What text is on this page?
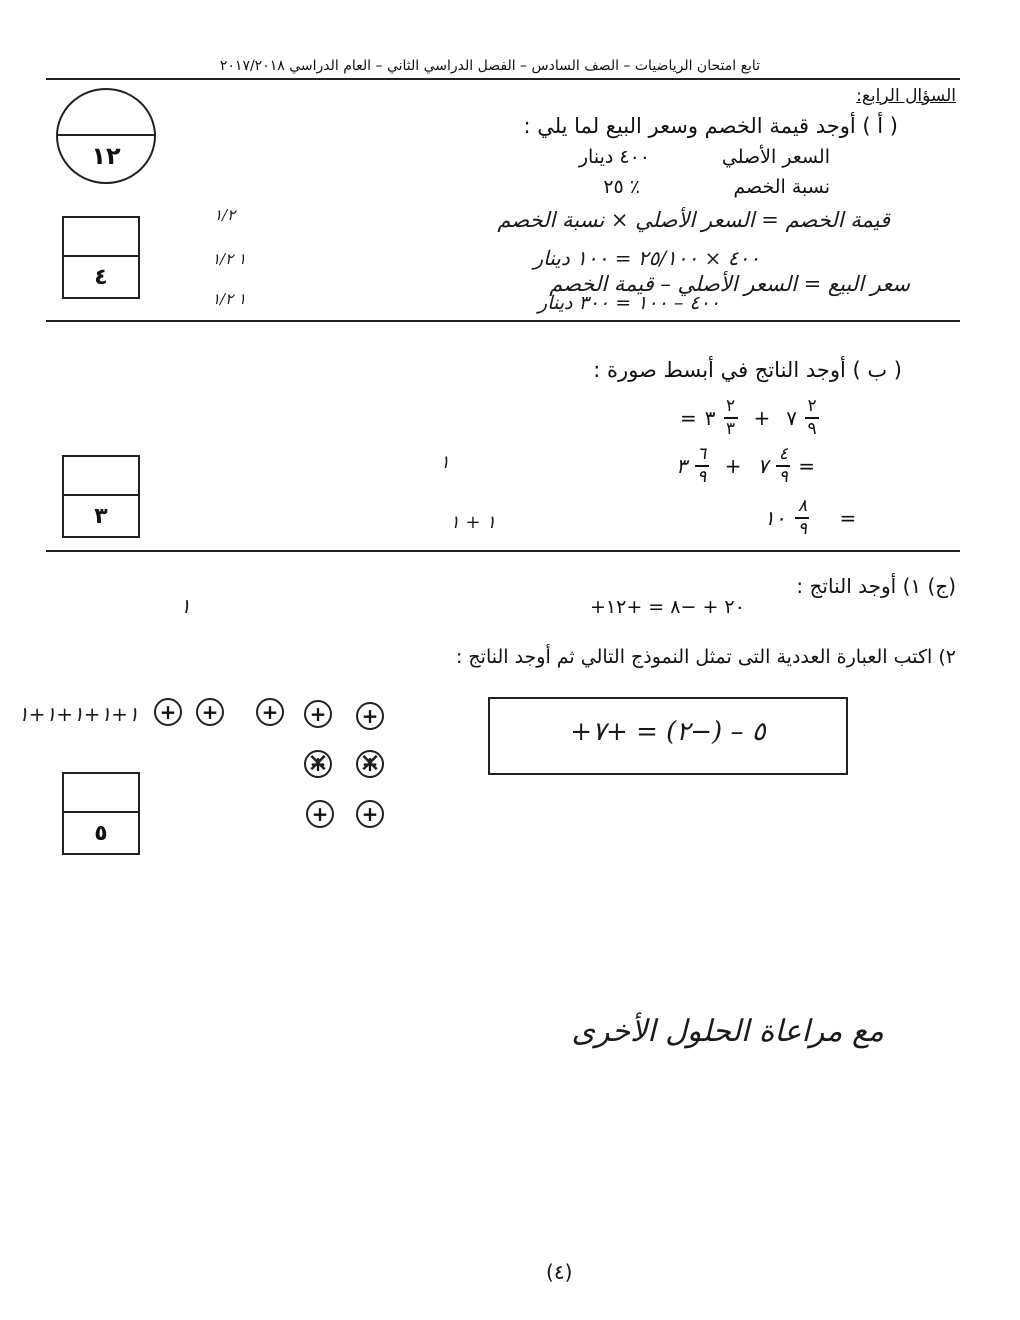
تابع امتحان الرياضيات – الصف السادس – الفصل الدراسي الثاني – العام الدراسي ٢٠١٧/٢٠١٨
السؤال الرابع:
١٢
( أ ) أوجد قيمة الخصم وسعر البيع لما يلي :
السعر الأصلي
٤٠٠ دينار
نسبة الخصم
٢٥ ٪
قيمة الخصم = السعر الأصلي × نسبة الخصم
٤٠٠ × ٢٥/١٠٠ = ١٠٠ دينار
سعر البيع = السعر الأصلي – قيمة الخصم
٤٠٠ – ١٠٠ = ٣٠٠ دينار
١/٢
١ ١/٢
١ ١/٢
٤
( ب ) أوجد الناتج في أبسط صورة :
= ٣ $\frac{٢}{٣}$ + ٧ $\frac{٢}{٩}$
٣ $\frac{٦}{٩}$ + ٧ $\frac{٤}{٩}$ =
١٠ $\frac{٨}{٩}$ =
١
١ + ١
٣
(ج) ١) أوجد الناتج :
+٢٠ + −٨ = +١٢
١
٢) اكتب العبارة العددية التى تمثل النموذج التالي ثم أوجد الناتج :
+٥ – (−٢) = +٧
١+١+١+١+١ + + + + +
+ ✕ + ✕
+ +
٥
مع مراعاة الحلول الأخرى
(٤)
